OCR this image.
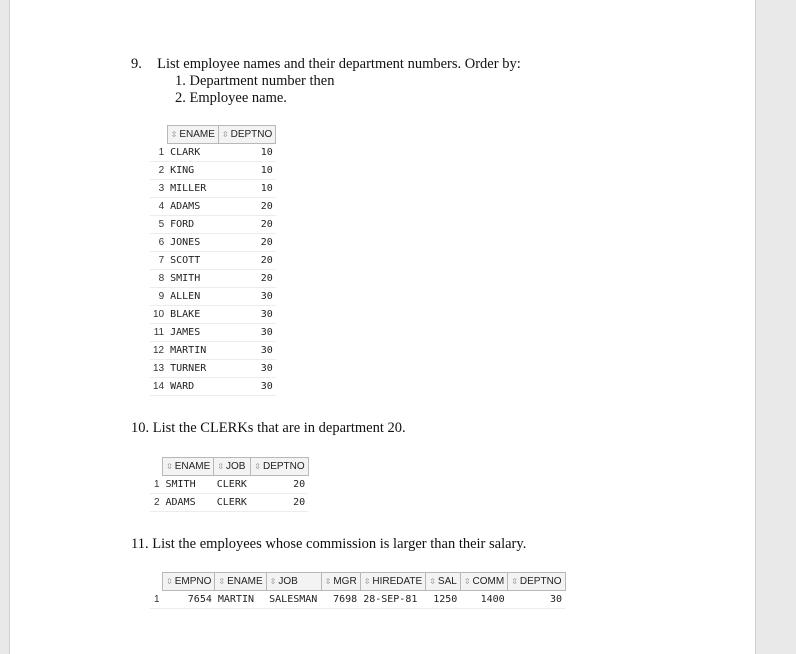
9. List employee names and their department numbers. Order by:
1. Department number then
2. Employee name.
	⇳ ENAME	⇳ DEPTNO
1	CLARK	10
2	KING	10
3	MILLER	10
4	ADAMS	20
5	FORD	20
6	JONES	20
7	SCOTT	20
8	SMITH	20
9	ALLEN	30
10	BLAKE	30
11	JAMES	30
12	MARTIN	30
13	TURNER	30
14	WARD	30
10. List the CLERKs that are in department 20.
	⇳ ENAME	⇳ JOB	⇳ DEPTNO
1	SMITH	CLERK	20
2	ADAMS	CLERK	20
11. List the employees whose commission is larger than their salary.
	⇳ EMPNO	⇳ ENAME	⇳ JOB	⇳ MGR	⇳ HIREDATE	⇳ SAL	⇳ COMM	⇳ DEPTNO
1	7654	MARTIN	SALESMAN	7698	28-SEP-81	1250	1400	30
